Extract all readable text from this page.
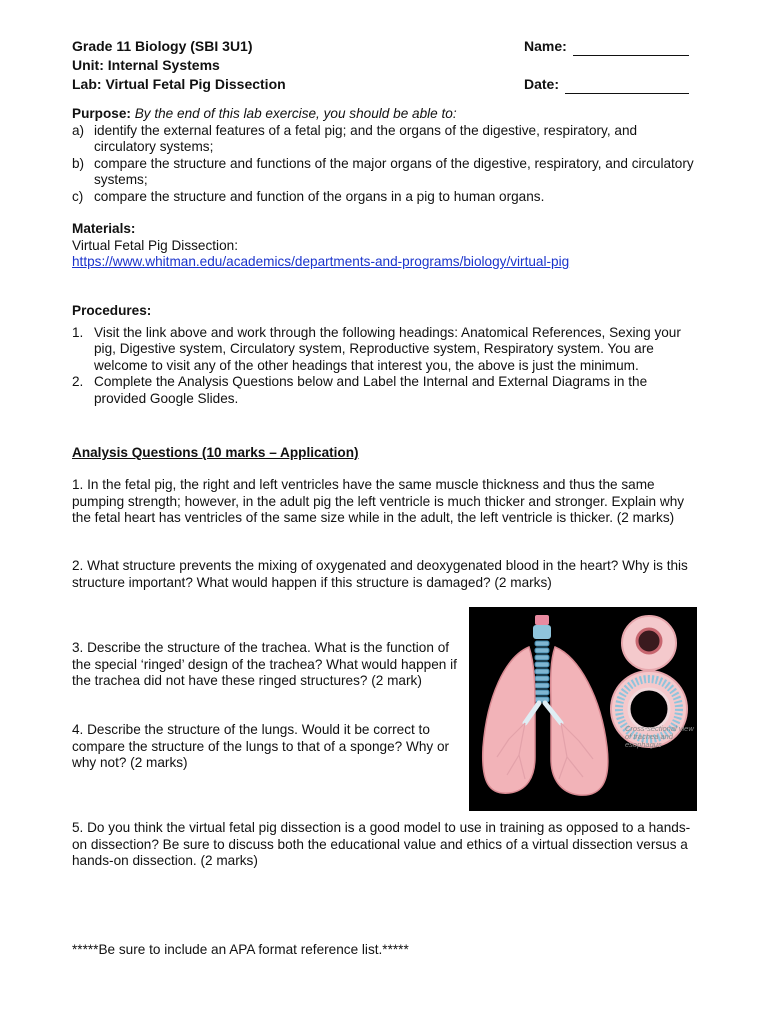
Grade 11 Biology (SBI 3U1)
Unit: Internal Systems
Lab: Virtual Fetal Pig Dissection
Name:
Date:
Purpose: By the end of this lab exercise, you should be able to:
a) identify the external features of a fetal pig; and the organs of the digestive, respiratory, and circulatory systems;
b) compare the structure and functions of the major organs of the digestive, respiratory, and circulatory systems;
c) compare the structure and function of the organs in a pig to human organs.
Materials:
Virtual Fetal Pig Dissection:
https://www.whitman.edu/academics/departments-and-programs/biology/virtual-pig
Procedures:
1. Visit the link above and work through the following headings: Anatomical References, Sexing your pig, Digestive system, Circulatory system, Reproductive system, Respiratory system. You are welcome to visit any of the other headings that interest you, the above is just the minimum.
2. Complete the Analysis Questions below and Label the Internal and External Diagrams in the provided Google Slides.
Analysis Questions (10 marks – Application)
1. In the fetal pig, the right and left ventricles have the same muscle thickness and thus the same pumping strength; however, in the adult pig the left ventricle is much thicker and stronger. Explain why the fetal heart has ventricles of the same size while in the adult, the left ventricle is thicker. (2 marks)
2. What structure prevents the mixing of oxygenated and deoxygenated blood in the heart? Why is this structure important? What would happen if this structure is damaged? (2 marks)
3. Describe the structure of the trachea. What is the function of the special ‘ringed’ design of the trachea? What would happen if the trachea did not have these ringed structures? (2 mark)
4. Describe the structure of the lungs. Would it be correct to compare the structure of the lungs to that of a sponge? Why or why not? (2 marks)
Cross-sectional view of trachea and esophagus
5. Do you think the virtual fetal pig dissection is a good model to use in training as opposed to a hands-on dissection? Be sure to discuss both the educational value and ethics of a virtual dissection versus a hands-on dissection. (2 marks)
*****Be sure to include an APA format reference list.*****
